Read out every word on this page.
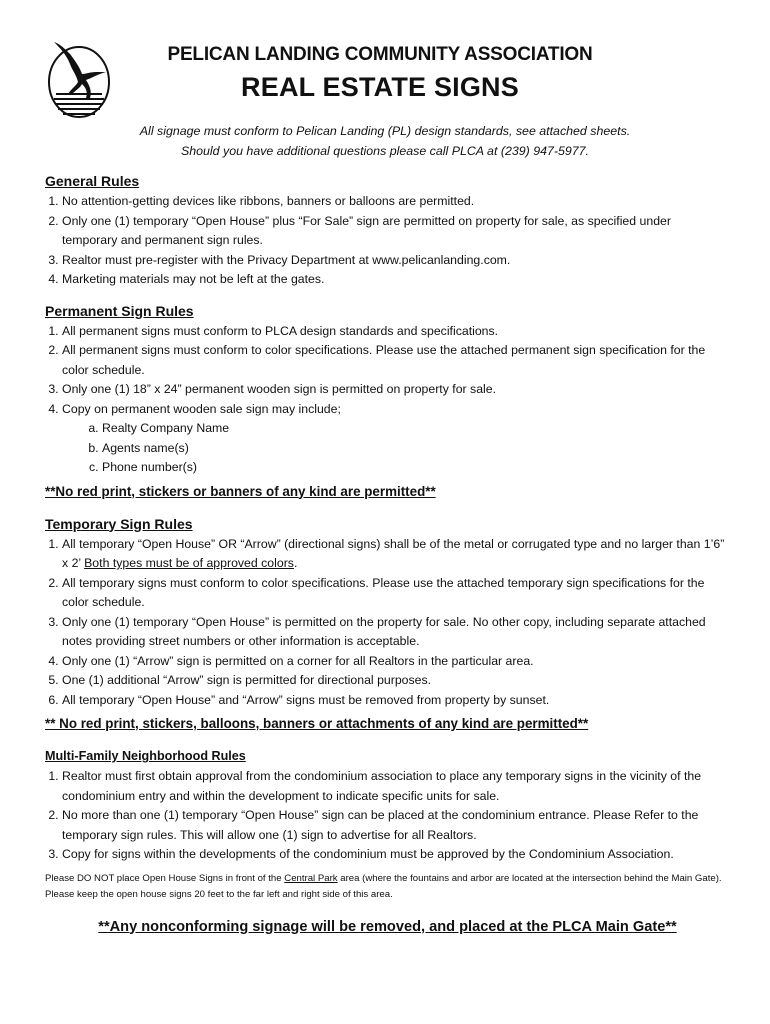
PELICAN LANDING COMMUNITY ASSOCIATION
REAL ESTATE SIGNS
All signage must conform to Pelican Landing (PL) design standards, see attached sheets.
Should you have additional questions please call PLCA at (239) 947-5977.
General Rules
1. No attention-getting devices like ribbons, banners or balloons are permitted.
2. Only one (1) temporary “Open House” plus “For Sale” sign are permitted on property for sale, as specified under temporary and permanent sign rules.
3. Realtor must pre-register with the Privacy Department at www.pelicanlanding.com.
4. Marketing materials may not be left at the gates.
Permanent Sign Rules
1. All permanent signs must conform to PLCA design standards and specifications.
2. All permanent signs must conform to color specifications. Please use the attached permanent sign specification for the color schedule.
3. Only one (1) 18” x 24” permanent wooden sign is permitted on property for sale.
4. Copy on permanent wooden sale sign may include;
a. Realty Company Name
b. Agents name(s)
c. Phone number(s)
**No red print, stickers or banners of any kind are permitted**
Temporary Sign Rules
1. All temporary “Open House” OR “Arrow” (directional signs) shall be of the metal or corrugated type and no larger than 1’6” x 2’ Both types must be of approved colors.
2. All temporary signs must conform to color specifications. Please use the attached temporary sign specifications for the color schedule.
3. Only one (1) temporary “Open House” is permitted on the property for sale. No other copy, including separate attached notes providing street numbers or other information is acceptable.
4. Only one (1) “Arrow” sign is permitted on a corner for all Realtors in the particular area.
5. One (1) additional “Arrow” sign is permitted for directional purposes.
6. All temporary “Open House” and “Arrow” signs must be removed from property by sunset.
** No red print, stickers, balloons, banners or attachments of any kind are permitted**
Multi-Family Neighborhood Rules
1. Realtor must first obtain approval from the condominium association to place any temporary signs in the vicinity of the condominium entry and within the development to indicate specific units for sale.
2. No more than one (1) temporary “Open House” sign can be placed at the condominium entrance. Please Refer to the temporary sign rules. This will allow one (1) sign to advertise for all Realtors.
3. Copy for signs within the developments of the condominium must be approved by the Condominium Association.
Please DO NOT place Open House Signs in front of the Central Park area (where the fountains and arbor are located at the intersection behind the Main Gate). Please keep the open house signs 20 feet to the far left and right side of this area.
**Any nonconforming signage will be removed, and placed at the PLCA Main Gate**
